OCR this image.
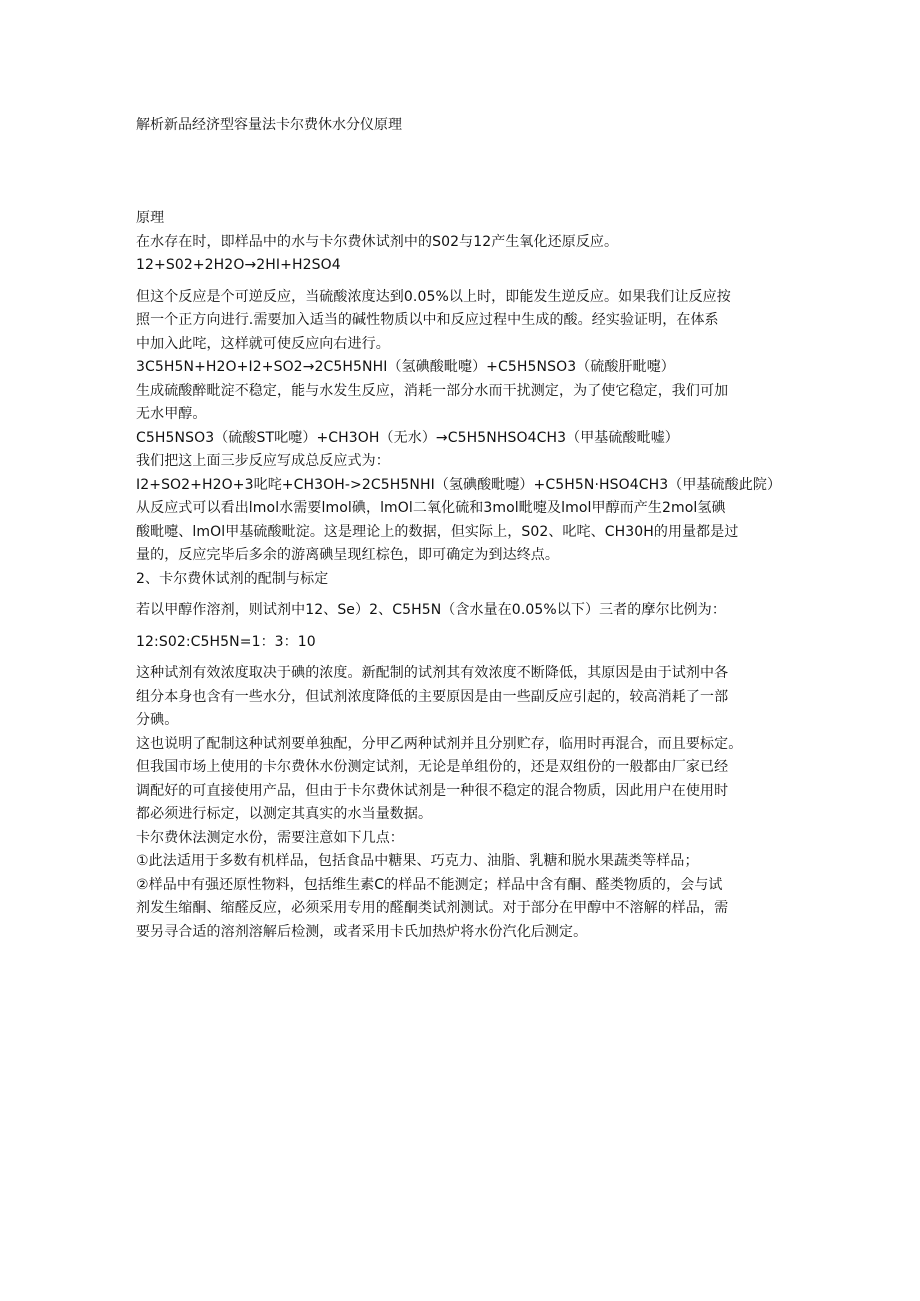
解析新品经济型容量法卡尔费休水分仪原理
原理
在水存在时，即样品中的水与卡尔费休试剂中的S02与12产生氧化还原反应。
12+S02+2H2O→2HI+H2SO4
但这个反应是个可逆反应，当硫酸浓度达到0.05%以上时，即能发生逆反应。如果我们让反应按
照一个正方向进行.需要加入适当的碱性物质以中和反应过程中生成的酸。经实验证明，在体系
中加入此咤，这样就可使反应向右进行。
3C5H5N+H2O+I2+SO2→2C5H5NHI（氢碘酸毗嚏）+C5H5NSO3（硫酸肝毗嚏）
生成硫酸醉毗淀不稳定，能与水发生反应，消耗一部分水而干扰测定，为了使它稳定，我们可加
无水甲醇。
C5H5NSO3（硫酸ST叱嚏）+CH3OH（无水）→C5H5NHSO4CH3（甲基硫酸毗嘘）
我们把这上面三步反应写成总反应式为：
I2+SO2+H2O+3叱咤+CH3OH->2C5H5NHI（氢碘酸毗嚏）+C5H5N·HSO4CH3（甲基硫酸此院）
从反应式可以看出lmol水需要lmol碘，lmOl二氧化硫和3mol毗嚏及lmol甲醇而产生2mol氢碘
酸毗嚏、lmOl甲基硫酸毗淀。这是理论上的数据，但实际上，S02、叱咤、CH30H的用量都是过
量的，反应完毕后多余的游离碘呈现红棕色，即可确定为到达终点。
2、卡尔费休试剂的配制与标定
若以甲醇作溶剂，则试剂中12、Se）2、C5H5N（含水量在0.05%以下）三者的摩尔比例为：
12:S02:C5H5N=1：3：10
这种试剂有效浓度取决于碘的浓度。新配制的试剂其有效浓度不断降低，其原因是由于试剂中各
组分本身也含有一些水分，但试剂浓度降低的主要原因是由一些副反应引起的，较高消耗了一部
分碘。
这也说明了配制这种试剂要单独配，分甲乙两种试剂并且分别贮存，临用时再混合，而且要标定。
但我国市场上使用的卡尔费休水份测定试剂，无论是单组份的，还是双组份的一般都由厂家已经
调配好的可直接使用产品，但由于卡尔费休试剂是一种很不稳定的混合物质，因此用户在使用时
都必须进行标定，以测定其真实的水当量数据。
卡尔费休法测定水份，需要注意如下几点：
①此法适用于多数有机样品，包括食品中糖果、巧克力、油脂、乳糖和脱水果蔬类等样品；
②样品中有强还原性物料，包括维生素C的样品不能测定；样品中含有酮、醛类物质的，会与试
剂发生缩酮、缩醛反应，必须采用专用的醛酮类试剂测试。对于部分在甲醇中不溶解的样品，需
要另寻合适的溶剂溶解后检测，或者采用卡氏加热炉将水份汽化后测定。
